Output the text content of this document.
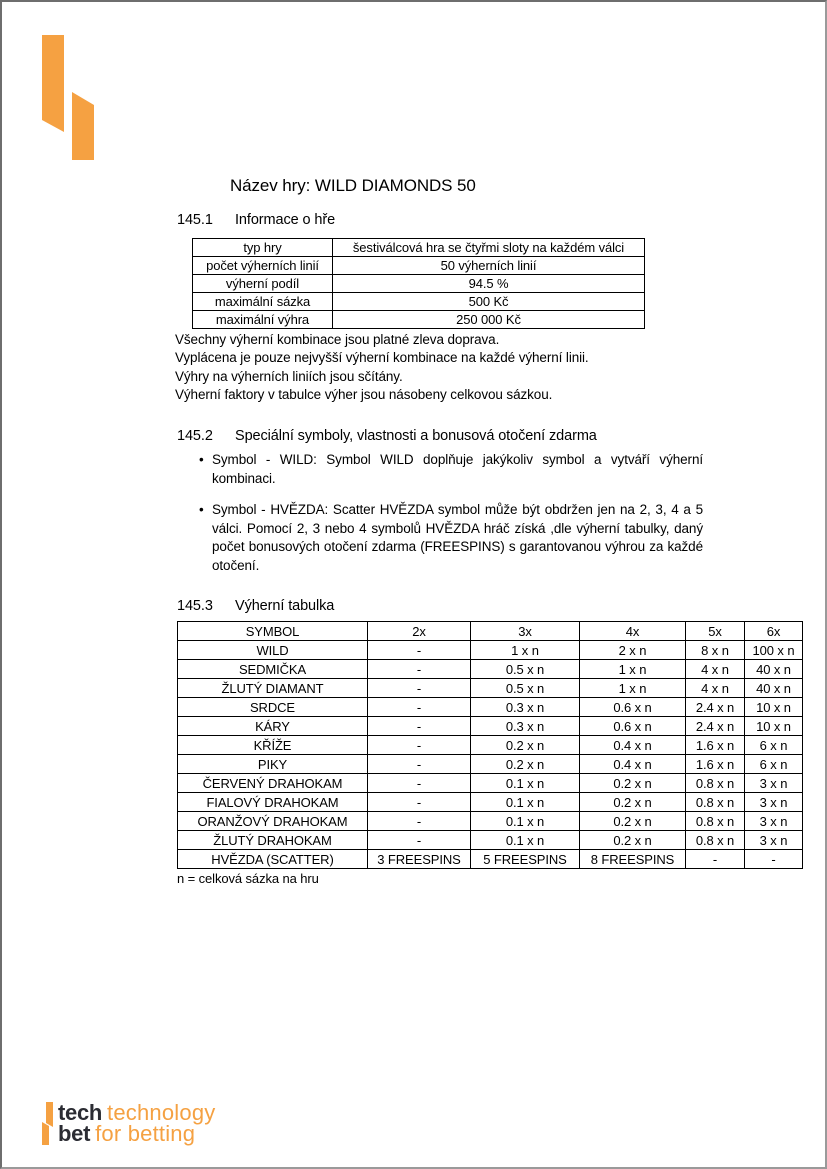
Název hry: WILD DIAMONDS 50
145.1	Informace o hře
typ hry	šestiválcová hra se čtyřmi sloty na každém válci
počet výherních linií	50 výherních linií
výherní podíl	94.5 %
maximální sázka	500 Kč
maximální výhra	250 000 Kč

Všechny výherní kombinace jsou platné zleva doprava.

Vyplácena je pouze nejvyšší výherní kombinace na každé výherní linii.

Výhry na výherních liniích jsou sčítány.

Výherní faktory v tabulce výher jsou násobeny celkovou sázkou.

145.2	Speciální symboly, vlastnosti a bonusová otočení zdarma
• Symbol - WILD: Symbol WILD doplňuje jakýkoliv symbol a vytváří výherní kombinaci.
• Symbol - HVĚZDA: Scatter HVĚZDA symbol může být obdržen jen na 2, 3, 4 a 5 válci. Pomocí 2, 3 nebo 4 symbolů HVĚZDA hráč získá ,dle výherní tabulky, daný počet bonusových otočení zdarma (FREESPINS) s garantovanou výhrou za každé otočení.
145.3	Výherní tabulka
SYMBOL	2x	3x	4x	5x	6x
WILD	-	1 x n	2 x n	8 x n	100 x n
SEDMIČKA	-	0.5 x n	1 x n	4 x n	40 x n
ŽLUTÝ DIAMANT	-	0.5 x n	1 x n	4 x n	40 x n
SRDCE	-	0.3 x n	0.6 x n	2.4 x n	10 x n
KÁRY	-	0.3 x n	0.6 x n	2.4 x n	10 x n
KŘÍŽE	-	0.2 x n	0.4 x n	1.6 x n	6 x n
PIKY	-	0.2 x n	0.4 x n	1.6 x n	6 x n
ČERVENÝ DRAHOKAM	-	0.1 x n	0.2 x n	0.8 x n	3 x n
FIALOVÝ DRAHOKAM	-	0.1 x n	0.2 x n	0.8 x n	3 x n
ORANŽOVÝ DRAHOKAM	-	0.1 x n	0.2 x n	0.8 x n	3 x n
ŽLUTÝ DRAHOKAM	-	0.1 x n	0.2 x n	0.8 x n	3 x n
HVĚZDA (SCATTER)	3 FREESPINS	5 FREESPINS	8 FREESPINS	-	-
n = celková sázka na hru
tech technology
bet for betting
